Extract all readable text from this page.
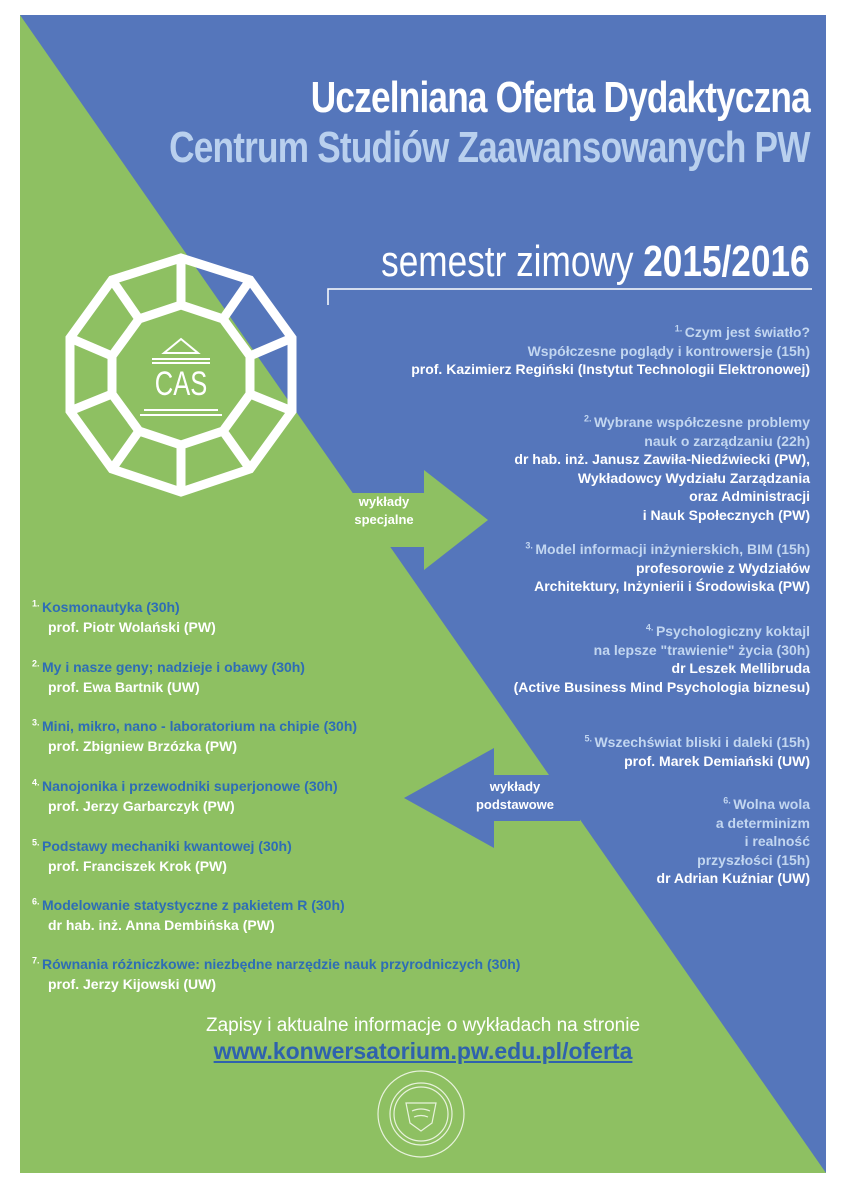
Uczelniana Oferta Dydaktyczna
Centrum Studiów Zaawansowanych PW
semestr zimowy 2015/2016
CAS
wykłady
specjalne
wykłady
podstawowe
$^{1.}$ Czym jest światło?
Współczesne poglądy i kontrowersje (15h)
prof. Kazimierz Regiński (Instytut Technologii Elektronowej)
$^{2.}$ Wybrane współczesne problemy
nauk o zarządzaniu (22h)
dr hab. inż. Janusz Zawiła-Niedźwiecki (PW),
Wykładowcy Wydziału Zarządzania
oraz Administracji
i Nauk Społecznych (PW)
$^{3.}$ Model informacji inżynierskich, BIM (15h)
profesorowie z Wydziałów
Architektury, Inżynierii i Środowiska (PW)
$^{4.}$ Psychologiczny koktajl
na lepsze "trawienie" życia (30h)
dr Leszek Mellibruda
(Active Business Mind Psychologia biznesu)
$^{5.}$ Wszechświat bliski i daleki (15h)
prof. Marek Demiański (UW)
$^{6.}$ Wolna wola
a determinizm
i realność
przyszłości (15h)
dr Adrian Kuźniar (UW)
$^{1.}$ Kosmonautyka (30h)
prof. Piotr Wolański (PW)
$^{2.}$ My i nasze geny; nadzieje i obawy (30h)
prof. Ewa Bartnik (UW)
$^{3.}$ Mini, mikro, nano - laboratorium na chipie (30h)
prof. Zbigniew Brzózka (PW)
$^{4.}$ Nanojonika i przewodniki superjonowe (30h)
prof. Jerzy Garbarczyk (PW)
$^{5.}$ Podstawy mechaniki kwantowej (30h)
prof. Franciszek Krok (PW)
$^{6.}$ Modelowanie statystyczne z pakietem R (30h)
dr hab. inż. Anna Dembińska (PW)
$^{7.}$ Równania różniczkowe: niezbędne narzędzie nauk przyrodniczych (30h)
prof. Jerzy Kijowski (UW)
Zapisy i aktualne informacje o wykładach na stronie
www.konwersatorium.pw.edu.pl/oferta
